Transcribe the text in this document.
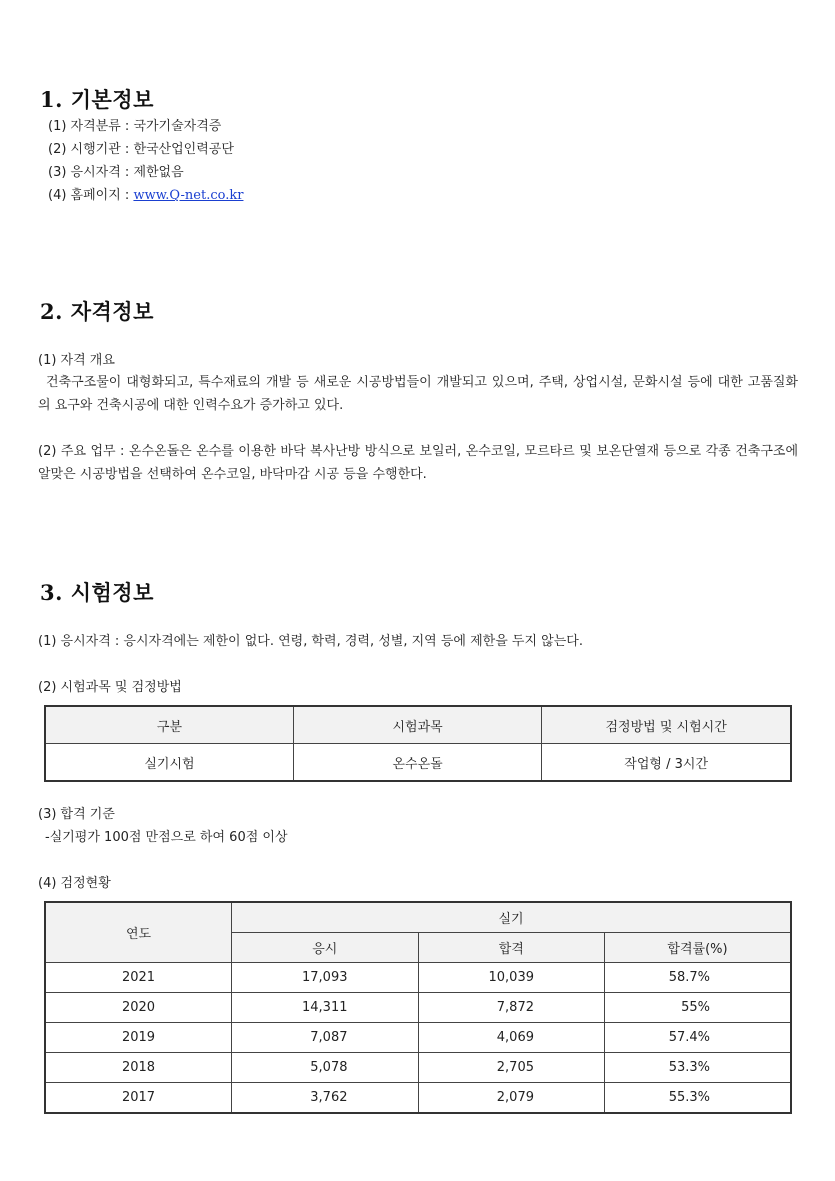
1. 기본정보

(1) 자격분류 : 국가기술자격증

(2) 시행기관 : 한국산업인력공단

(3) 응시자격 : 제한없음

(4) 홈페이지 : www.Q-net.co.kr

2. 자격정보

(1) 자격 개요

건축구조물이 대형화되고, 특수재료의 개발 등 새로운 시공방법들이 개발되고 있으며, 주택, 상업시설, 문화시설 등에 대한 고품질화의 요구와 건축시공에 대한 인력수요가 증가하고 있다.

(2) 주요 업무 : 온수온돌은 온수를 이용한 바닥 복사난방 방식으로 보일러, 온수코일, 모르타르 및 보온단열재 등으로 각종 건축구조에 알맞은 시공방법을 선택하여 온수코일, 바닥마감 시공 등을 수행한다.

3. 시험정보

(1) 응시자격 : 응시자격에는 제한이 없다. 연령, 학력, 경력, 성별, 지역 등에 제한을 두지 않는다.

(2) 시험과목 및 검정방법

구분	시험과목	검정방법 및 시험시간
실기시험	온수온돌	작업형 / 3시간

(3) 합격 기준

-실기평가 100점 만점으로 하여 60점 이상

(4) 검정현황

연도	실기		
	응시	합격	합격률(%)
2021	17,093	10,039	58.7%
2020	14,311	7,872	55%
2019	7,087	4,069	57.4%
2018	5,078	2,705	53.3%
2017	3,762	2,079	55.3%
